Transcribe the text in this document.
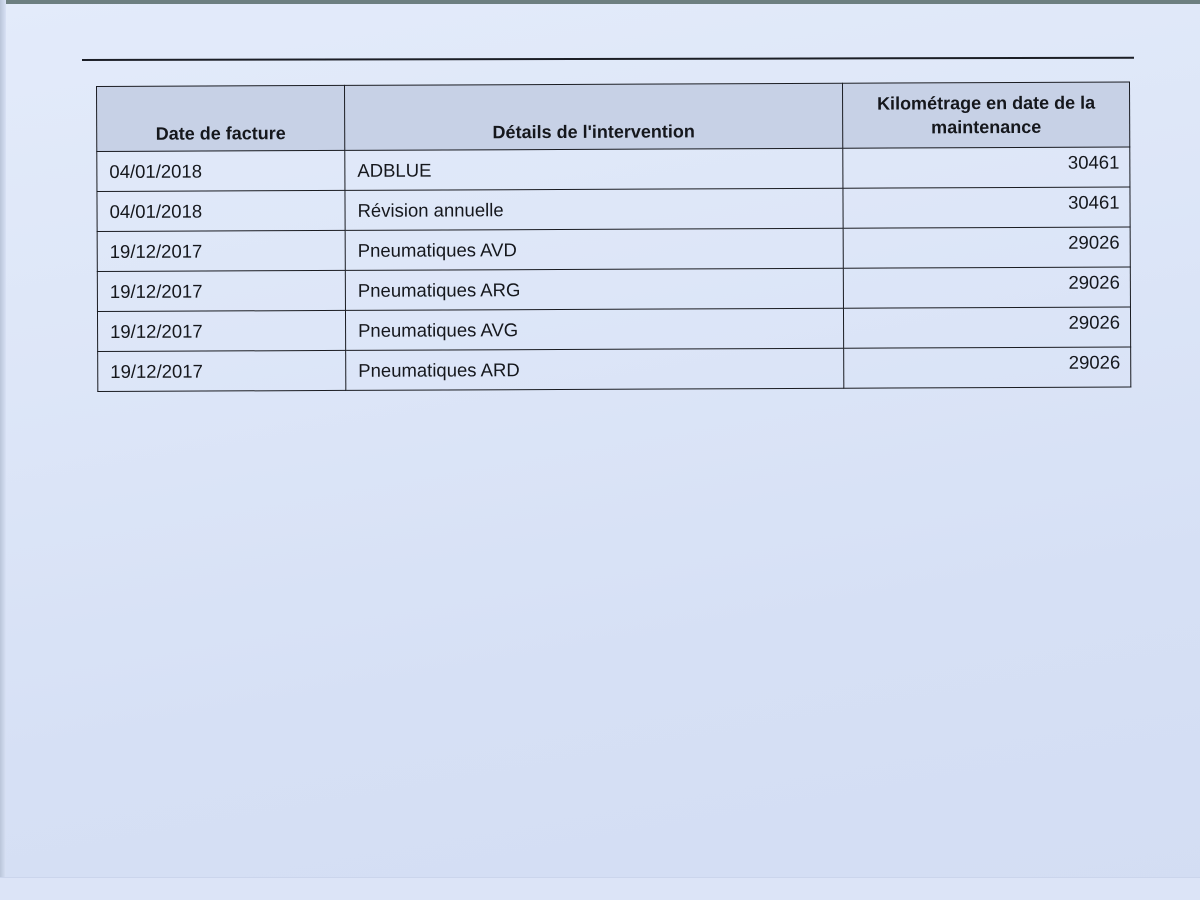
Date de facture	Détails de l'intervention	Kilométrage en date de la
maintenance
04/01/2018	ADBLUE	30461
04/01/2018	Révision annuelle	30461
19/12/2017	Pneumatiques AVD	29026
19/12/2017	Pneumatiques ARG	29026
19/12/2017	Pneumatiques AVG	29026
19/12/2017	Pneumatiques ARD	29026
